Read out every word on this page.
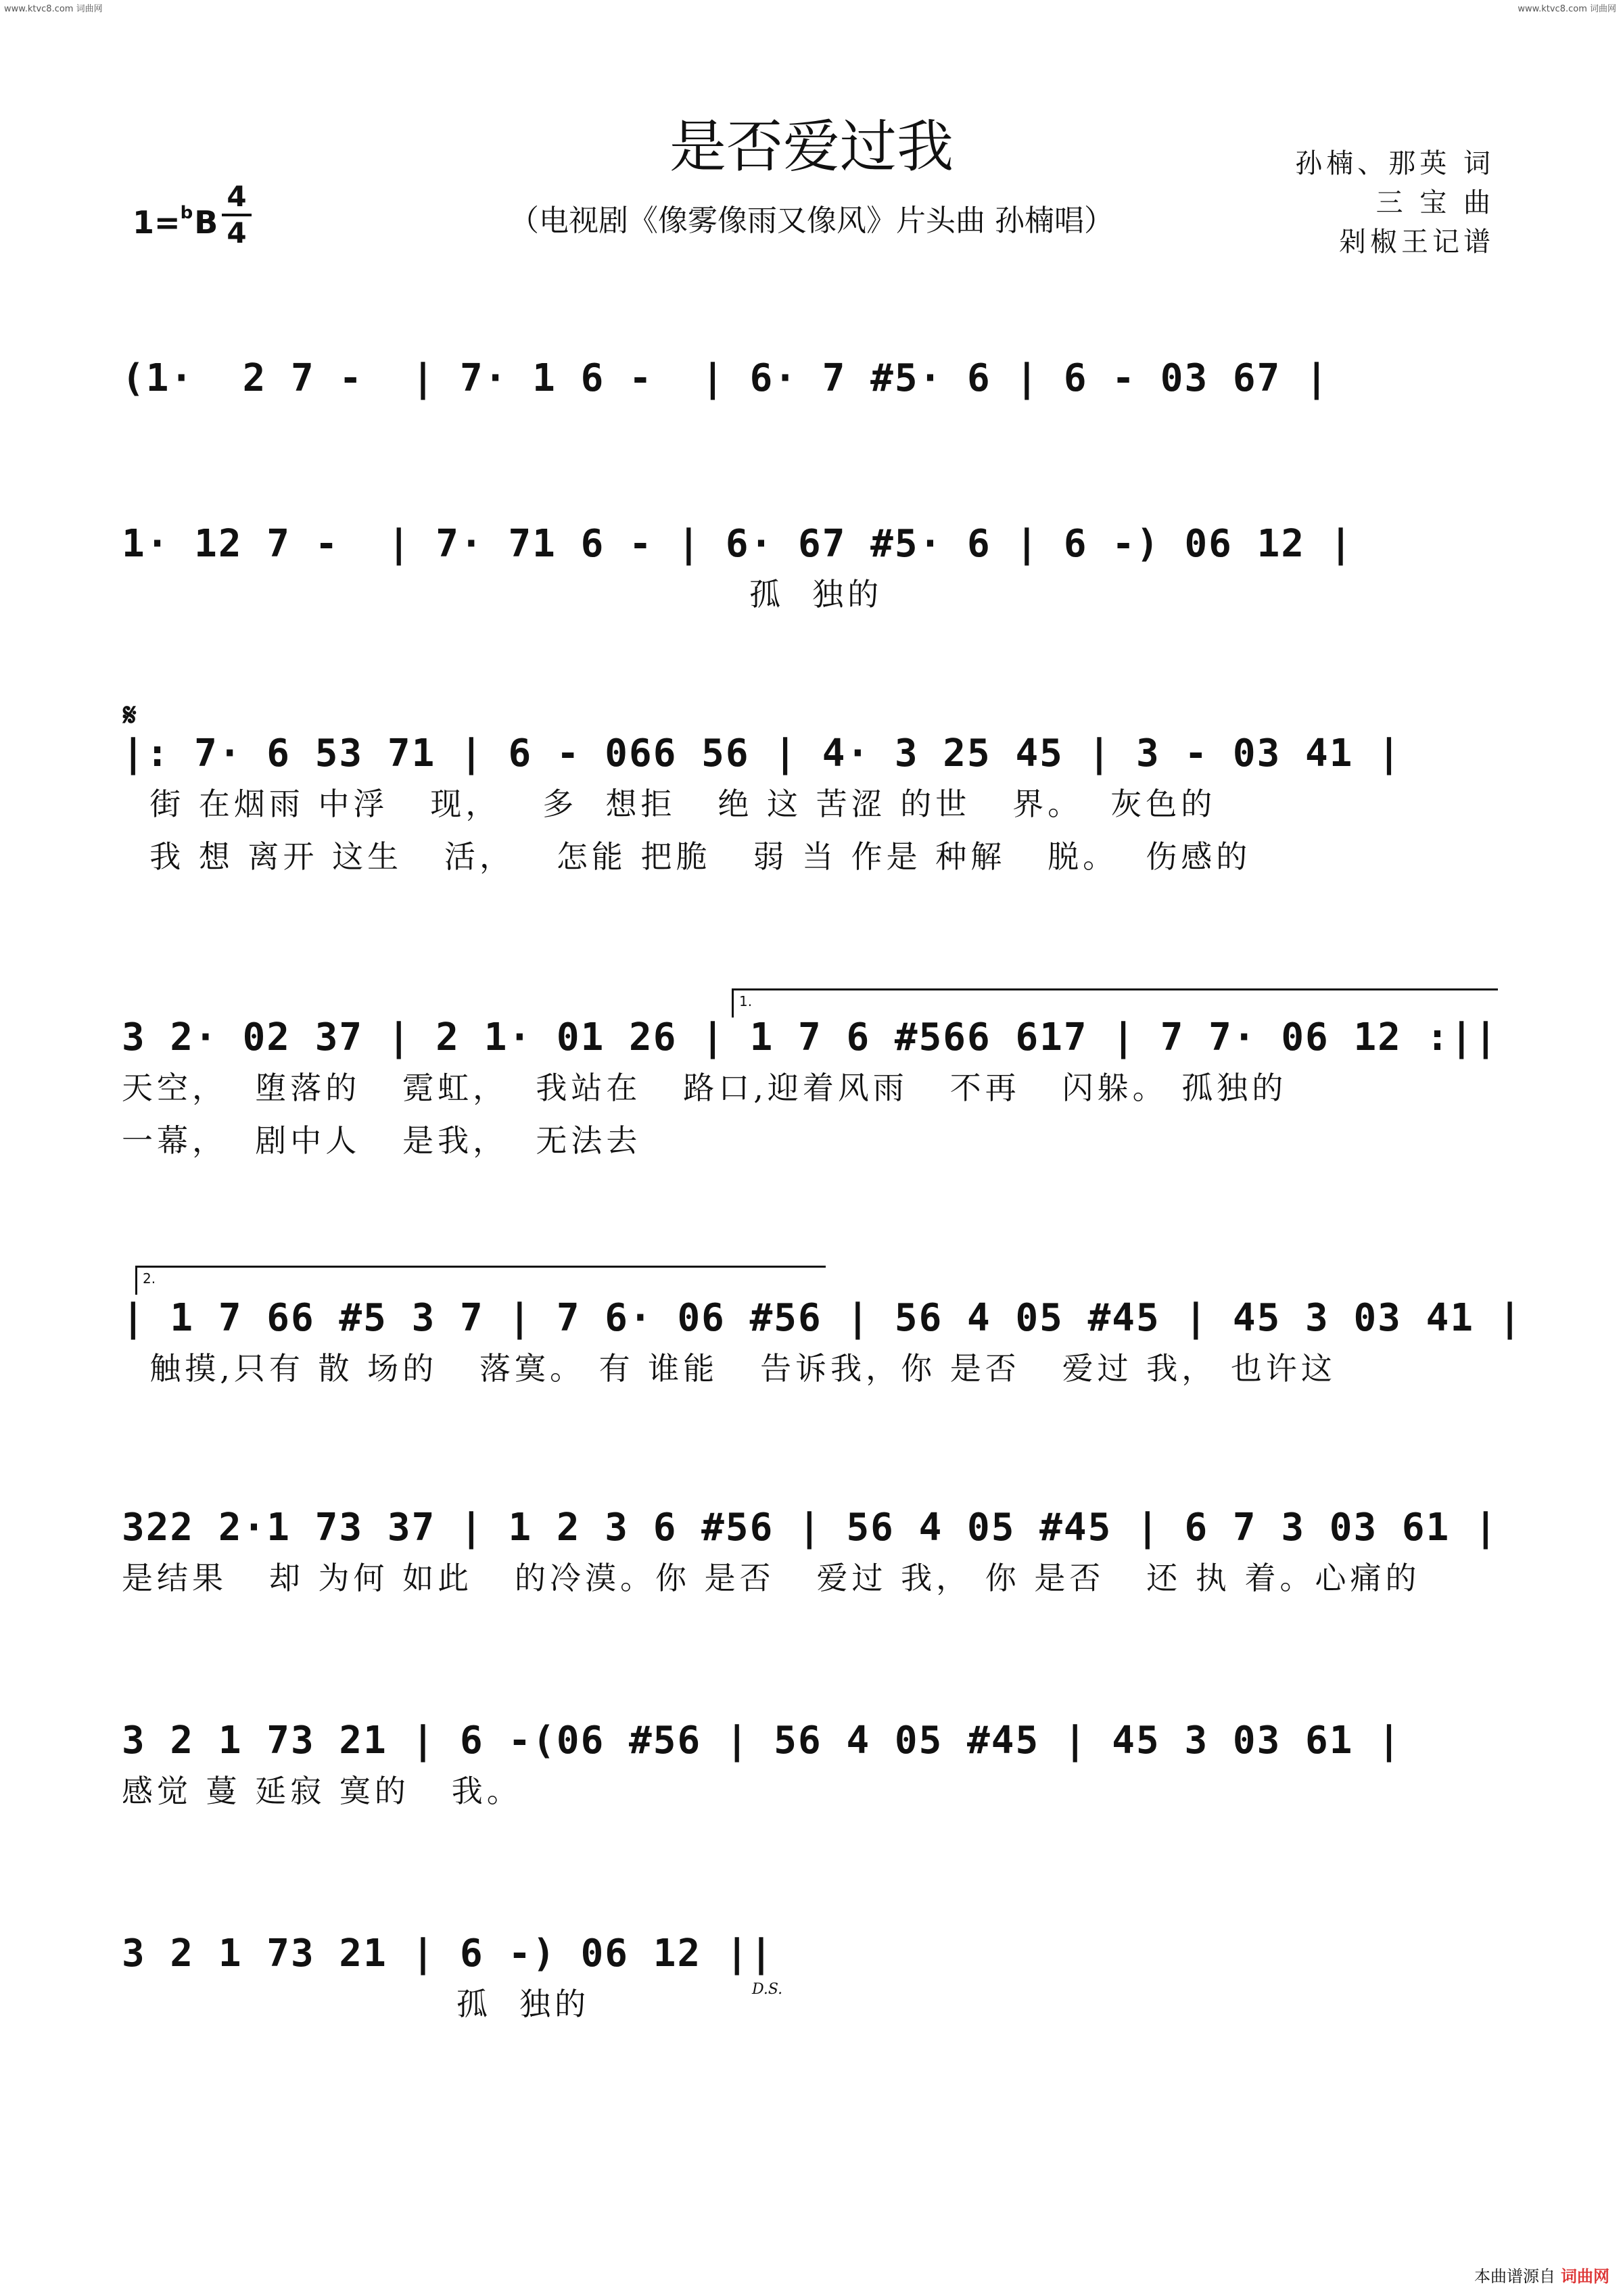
www.ktvc8.com 词曲网	www.ktvc8.com 词曲网
是否爱过我
（电视剧《像雾像雨又像风》片头曲 孙楠唱）
孙楠、那英 词
三 宝 曲
剁椒王记谱
1=$^b$B
4
4
𝄋
1.
2.
(1·  2 7 -  | 7· 1 6 -  | 6· 7 #5· 6 | 6 - 03 67 |
1· 12 7 -  | 7· 71 6 - | 6· 67 #5· 6 | 6 -) 06 12 |
孤  独的
|: 7· 6 53 71 | 6 - 066 56 | 4· 3 25 45 | 3 - 03 41 |
街 在烟雨 中浮   现，   多  想拒   绝 这 苦涩 的世   界。  灰色的
我 想 离开 这生   活，   怎能 把脆   弱 当 作是 种解   脱。  伤感的
3 2· 02 37 | 2 1· 01 26 | 1 7 6 #566 617 | 7 7· 06 12 :||
天空，  堕落的   霓虹，  我站在   路口,迎着风雨   不再   闪躲。 孤独的
一幕，  剧中人   是我，  无法去
| 1 7 66 #5 3 7 | 7 6· 06 #56 | 56 4 05 #45 | 45 3 03 41 |
触摸,只有 散 场的   落寞。 有 谁能   告诉我，你 是否   爱过 我， 也许这
322 2·1 73 37 | 1 2 3 6 #56 | 56 4 05 #45 | 6 7 3 03 61 |
是结果   却 为何 如此   的冷漠。你 是否   爱过 我， 你 是否   还 执 着。心痛的
3 2 1 73 21 | 6 -(06 #56 | 56 4 05 #45 | 45 3 03 61 |
感觉 蔓 延寂 寞的   我。
3 2 1 73 21 | 6 -) 06 12 ||
孤  独的	D.S.
本曲谱源自 词曲网
